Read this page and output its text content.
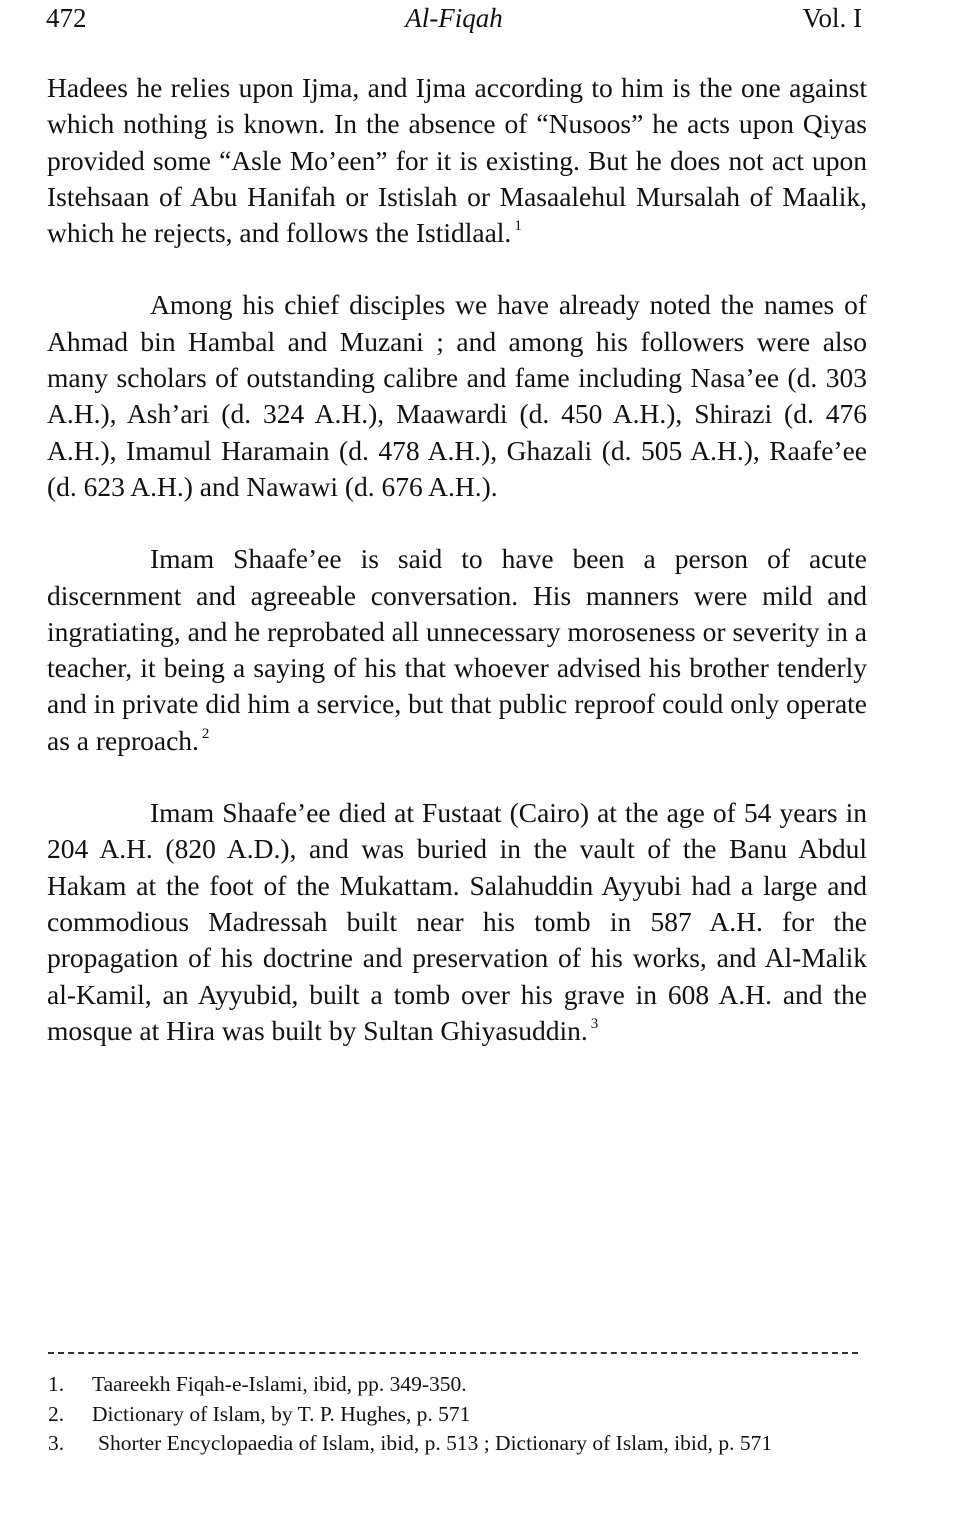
472	Al-Fiqah	Vol. I

Hadees he relies upon Ijma, and Ijma according to him is the one against which nothing is known. In the absence of “Nusoos” he acts upon Qiyas provided some “Asle Mo’een” for it is existing. But he does not act upon Istehsaan of Abu Hanifah or Istislah or Masaalehul Mursalah of Maalik, which he rejects, and follows the Istidlaal. $^1$

Among his chief disciples we have already noted the names of Ahmad bin Hambal and Muzani ; and among his followers were also many scholars of outstanding calibre and fame including Nasa’ee (d. 303 A.H.), Ash’ari (d. 324 A.H.), Maawardi (d. 450 A.H.), Shirazi (d. 476 A.H.), Imamul Haramain (d. 478 A.H.), Ghazali (d. 505 A.H.), Raafe’ee (d. 623 A.H.) and Nawawi (d. 676 A.H.).

Imam Shaafe’ee is said to have been a person of acute discernment and agreeable conversation. His manners were mild and ingratiating, and he reprobated all unnecessary moroseness or severity in a teacher, it being a saying of his that whoever advised his brother tenderly and in private did him a service, but that public reproof could only operate as a reproach. $^2$

Imam Shaafe’ee died at Fustaat (Cairo) at the age of 54 years in 204 A.H. (820 A.D.), and was buried in the vault of the Banu Abdul Hakam at the foot of the Mukattam. Salahuddin Ayyubi had a large and commodious Madressah built near his tomb in 587 A.H. for the propagation of his doctrine and preservation of his works, and Al-Malik al-Kamil, an Ayyubid, built a tomb over his grave in 608 A.H. and the mosque at Hira was built by Sultan Ghiyasuddin. $^3$

1. Taareekh Fiqah-e-Islami, ibid, pp. 349-350.
2. Dictionary of Islam, by T. P. Hughes, p. 571
3. Shorter Encyclopaedia of Islam, ibid, p. 513 ; Dictionary of Islam, ibid, p. 571
